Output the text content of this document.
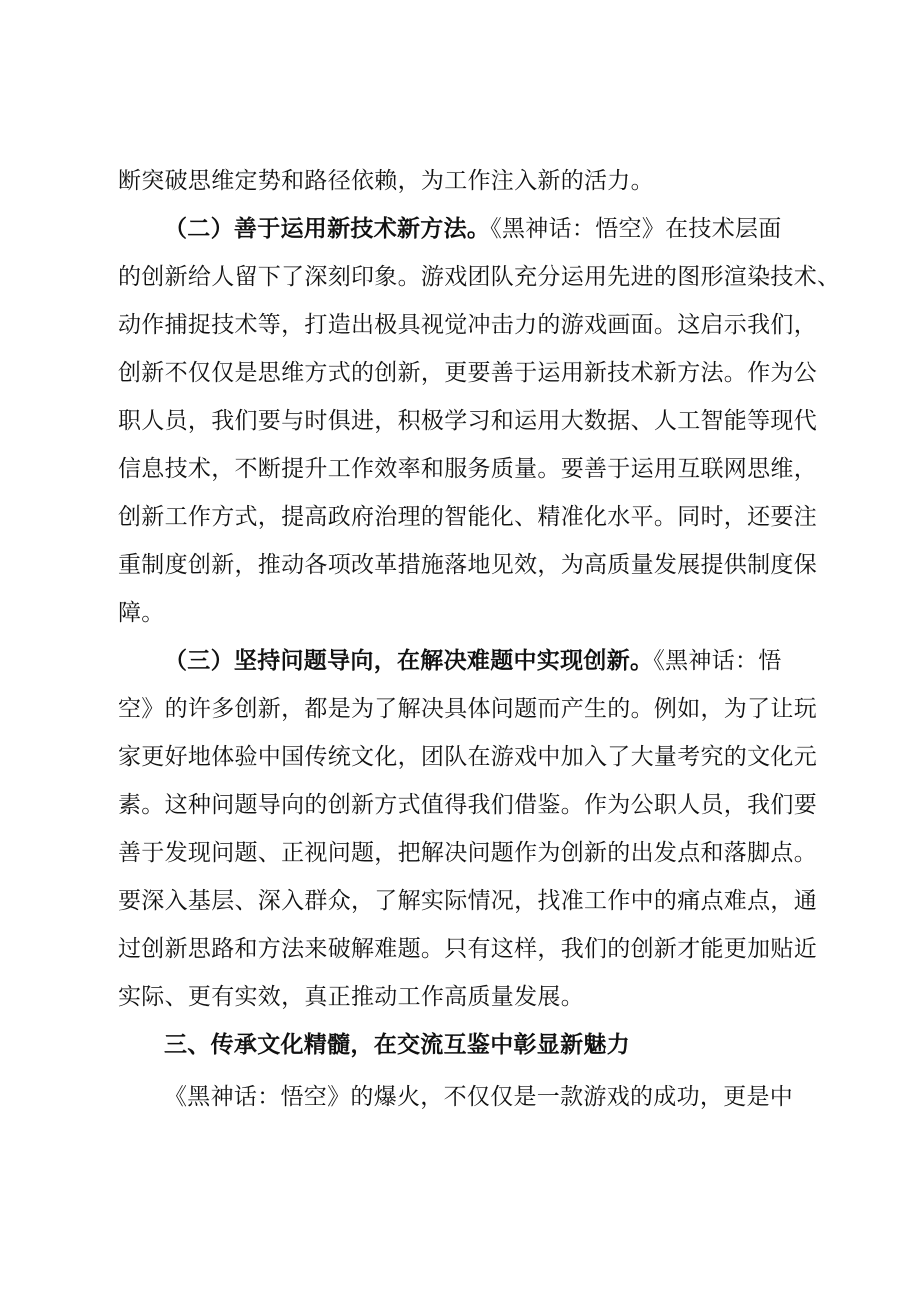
断突破思维定势和路径依赖，为工作注入新的活力。
（二）善于运用新技术新方法。《黑神话：悟空》在技术层面
的创新给人留下了深刻印象。游戏团队充分运用先进的图形渲染技术、
动作捕捉技术等，打造出极具视觉冲击力的游戏画面。这启示我们，
创新不仅仅是思维方式的创新，更要善于运用新技术新方法。作为公
职人员，我们要与时俱进，积极学习和运用大数据、人工智能等现代
信息技术，不断提升工作效率和服务质量。要善于运用互联网思维，
创新工作方式，提高政府治理的智能化、精准化水平。同时，还要注
重制度创新，推动各项改革措施落地见效，为高质量发展提供制度保
障。
（三）坚持问题导向，在解决难题中实现创新。《黑神话：悟
空》的许多创新，都是为了解决具体问题而产生的。例如，为了让玩
家更好地体验中国传统文化，团队在游戏中加入了大量考究的文化元
素。这种问题导向的创新方式值得我们借鉴。作为公职人员，我们要
善于发现问题、正视问题，把解决问题作为创新的出发点和落脚点。
要深入基层、深入群众，了解实际情况，找准工作中的痛点难点，通
过创新思路和方法来破解难题。只有这样，我们的创新才能更加贴近
实际、更有实效，真正推动工作高质量发展。
三、传承文化精髓，在交流互鉴中彰显新魅力
《黑神话：悟空》的爆火，不仅仅是一款游戏的成功，更是中
